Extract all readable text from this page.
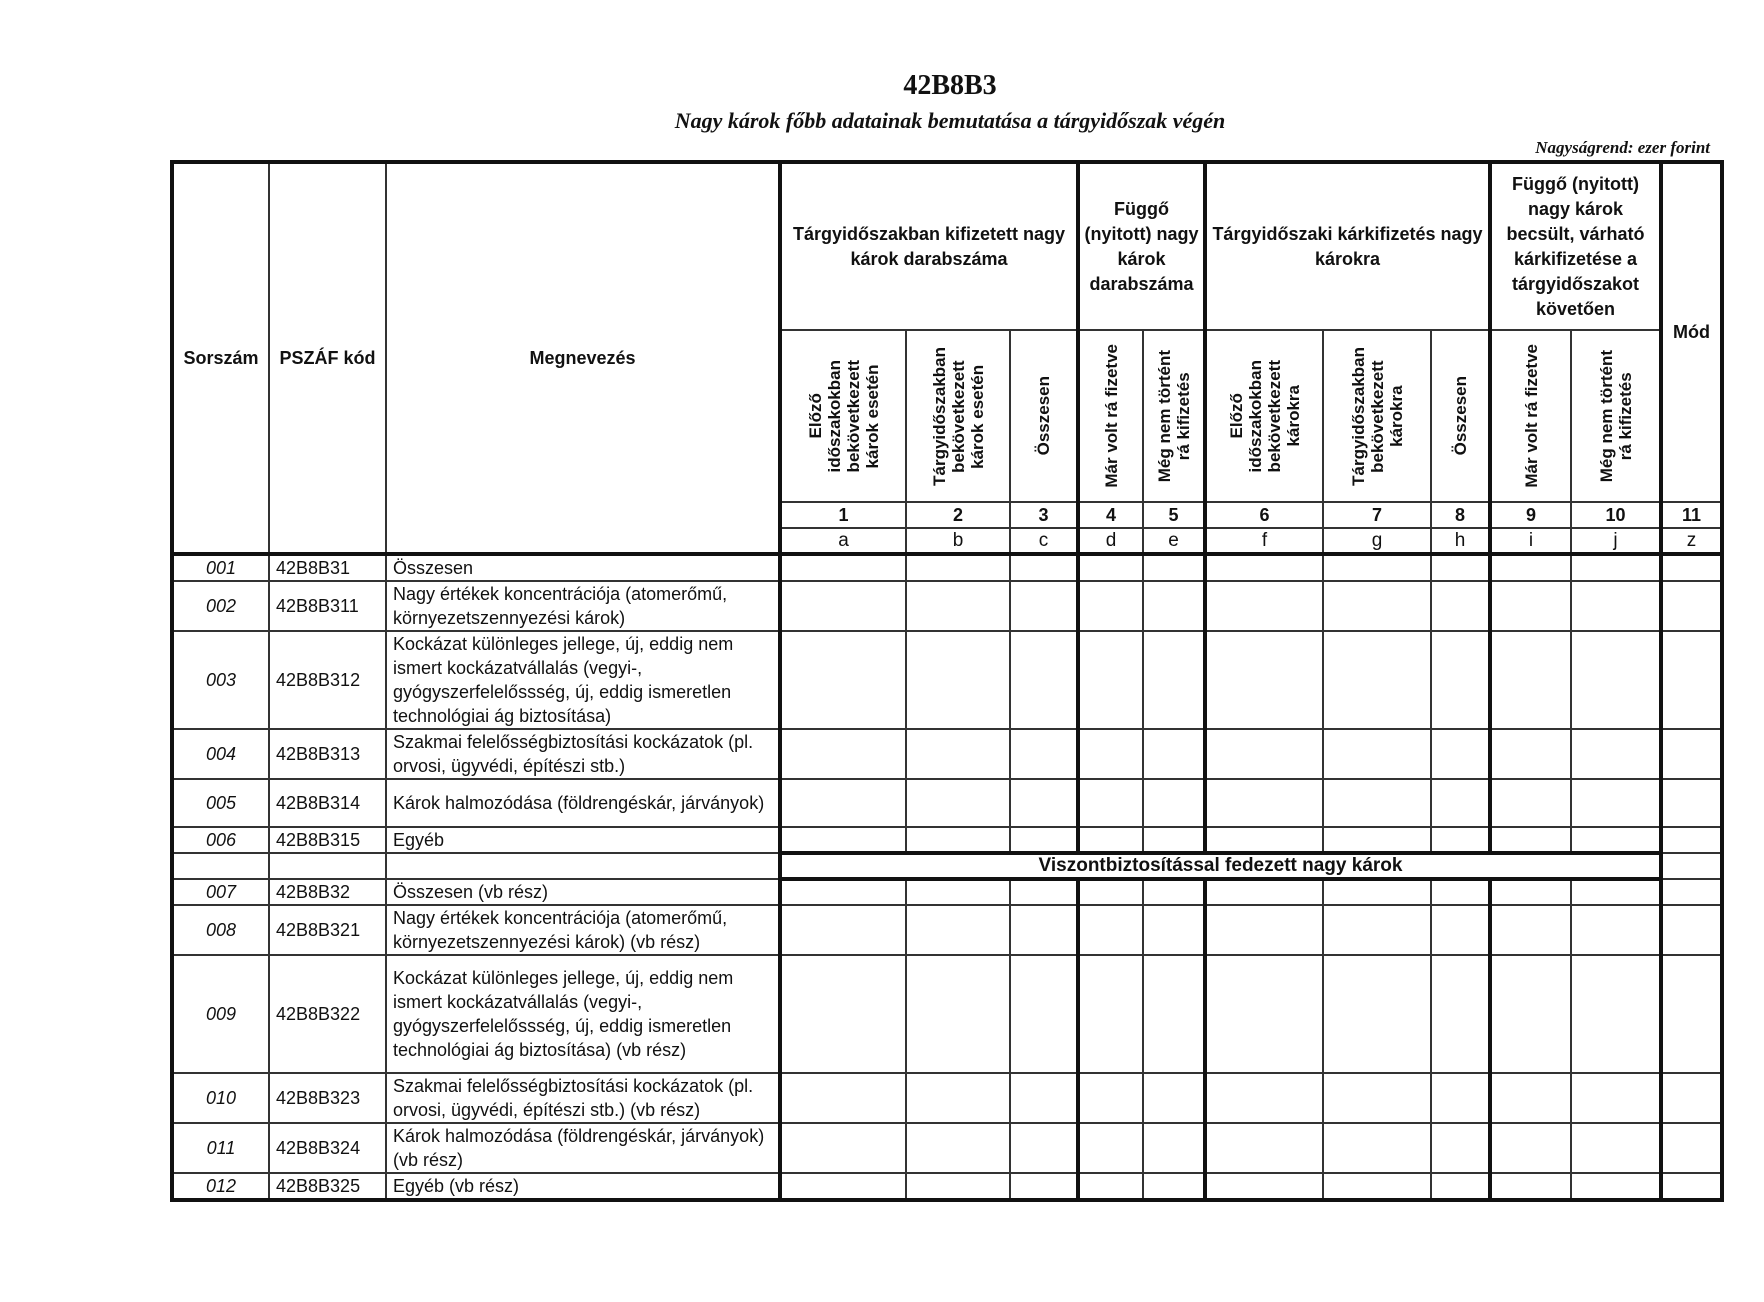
42B8B3
Nagy károk főbb adatainak bemutatása a tárgyidőszak végén
Nagyságrend: ezer forint
Sorszám	PSZÁF kód	Megnevezés	Tárgyidőszakban kifizetett nagy károk darabszáma			Függő (nyitott) nagy károk darabszáma		Tárgyidőszaki kárkifizetés nagy károkra			Függő (nyitott) nagy károk becsült, várható kárkifizetése a tárgyidőszakot követően		Mód

			Előző
időszakokban
bekövetkezett
károk esetén	Tárgyidőszakban
bekövetkezett
károk esetén	Összesen	Már volt rá fizetve	Még nem történt
rá kifizetés	Előző
időszakokban
bekövetkezett
károkra	Tárgyidőszakban
bekövetkezett
károkra	Összesen	Már volt rá fizetve	Még nem történt
rá kifizetés	

			1	2	3	4	5	6	7	8	9	10	11
			a	b	c	d	e	f	g	h	i	j	z
001	42B8B31	Összesen											
002	42B8B311	Nagy értékek koncentrációja (atomerőmű, környezetszennyezési károk)											
003	42B8B312	Kockázat különleges jellege, új, eddig nem ismert kockázatvállalás (vegyi-, gyógyszerfelelőssség, új, eddig ismeretlen technológiai ág biztosítása)											
004	42B8B313	Szakmai felelősségbiztosítási kockázatok (pl. orvosi, ügyvédi, építészi stb.)											
005	42B8B314	Károk halmozódása (földrengéskár, járványok)											
006	42B8B315	Egyéb											
			Viszontbiztosítással fedezett nagy károk										
007	42B8B32	Összesen (vb rész)											
008	42B8B321	Nagy értékek koncentrációja (atomerőmű, környezetszennyezési károk) (vb rész)											
009	42B8B322	Kockázat különleges jellege, új, eddig nem ismert kockázatvállalás (vegyi-, gyógyszerfelelőssség, új, eddig ismeretlen technológiai ág biztosítása) (vb rész)											
010	42B8B323	Szakmai felelősségbiztosítási kockázatok (pl. orvosi, ügyvédi, építészi stb.) (vb rész)											
011	42B8B324	Károk halmozódása (földrengéskár, járványok) (vb rész)											
012	42B8B325	Egyéb (vb rész)											
